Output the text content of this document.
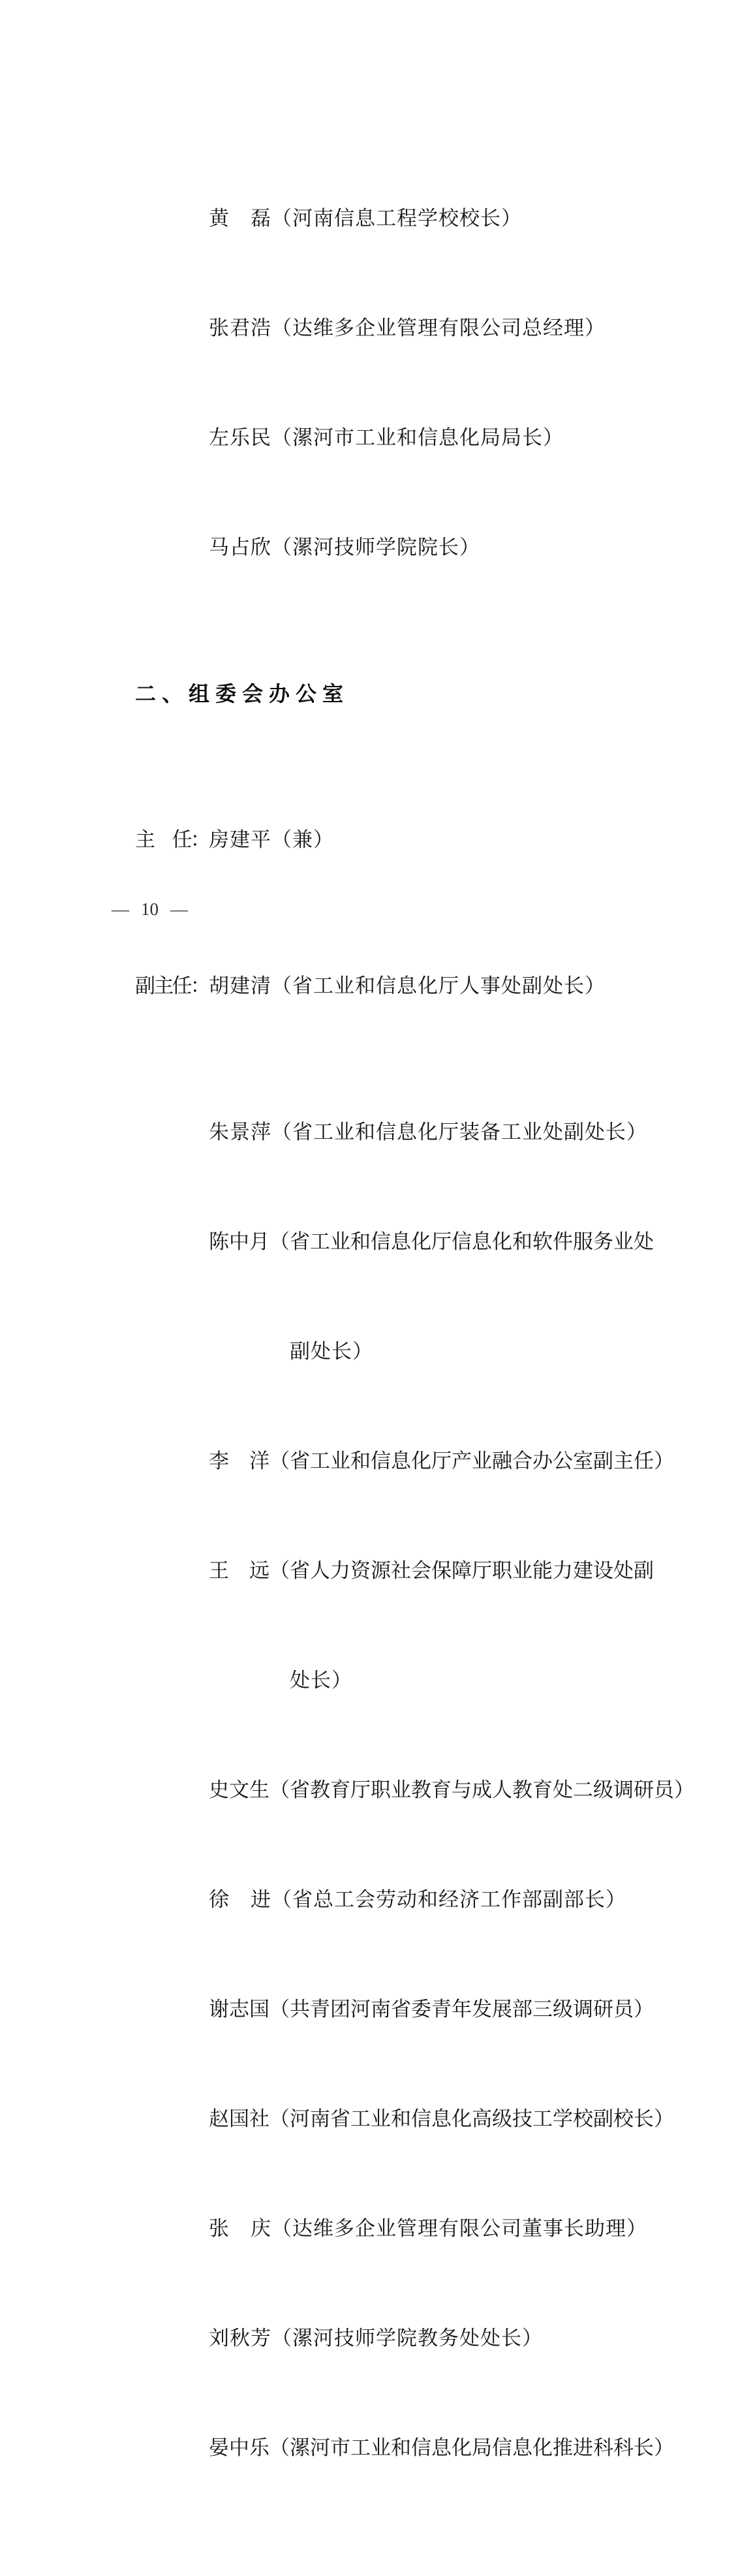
黄　磊（河南信息工程学校校长）

张君浩（达维多企业管理有限公司总经理）

左乐民（漯河市工业和信息化局局长）

马占欣（漯河技师学院院长）

二、组委会办公室

主　任：房建平（兼）

副主任：胡建清（省工业和信息化厅人事处副处长）

朱景萍（省工业和信息化厅装备工业处副处长）

陈中月（省工业和信息化厅信息化和软件服务业处

副处长）

李　洋（省工业和信息化厅产业融合办公室副主任）

王　远（省人力资源社会保障厅职业能力建设处副

处长）

史文生（省教育厅职业教育与成人教育处二级调研员）

徐　进（省总工会劳动和经济工作部副部长）

谢志国（共青团河南省委青年发展部三级调研员）

赵国社（河南省工业和信息化高级技工学校副校长）

张　庆（达维多企业管理有限公司董事长助理）

刘秋芳（漯河技师学院教务处处长）

晏中乐（漯河市工业和信息化局信息化推进科科长）

— 10 —
